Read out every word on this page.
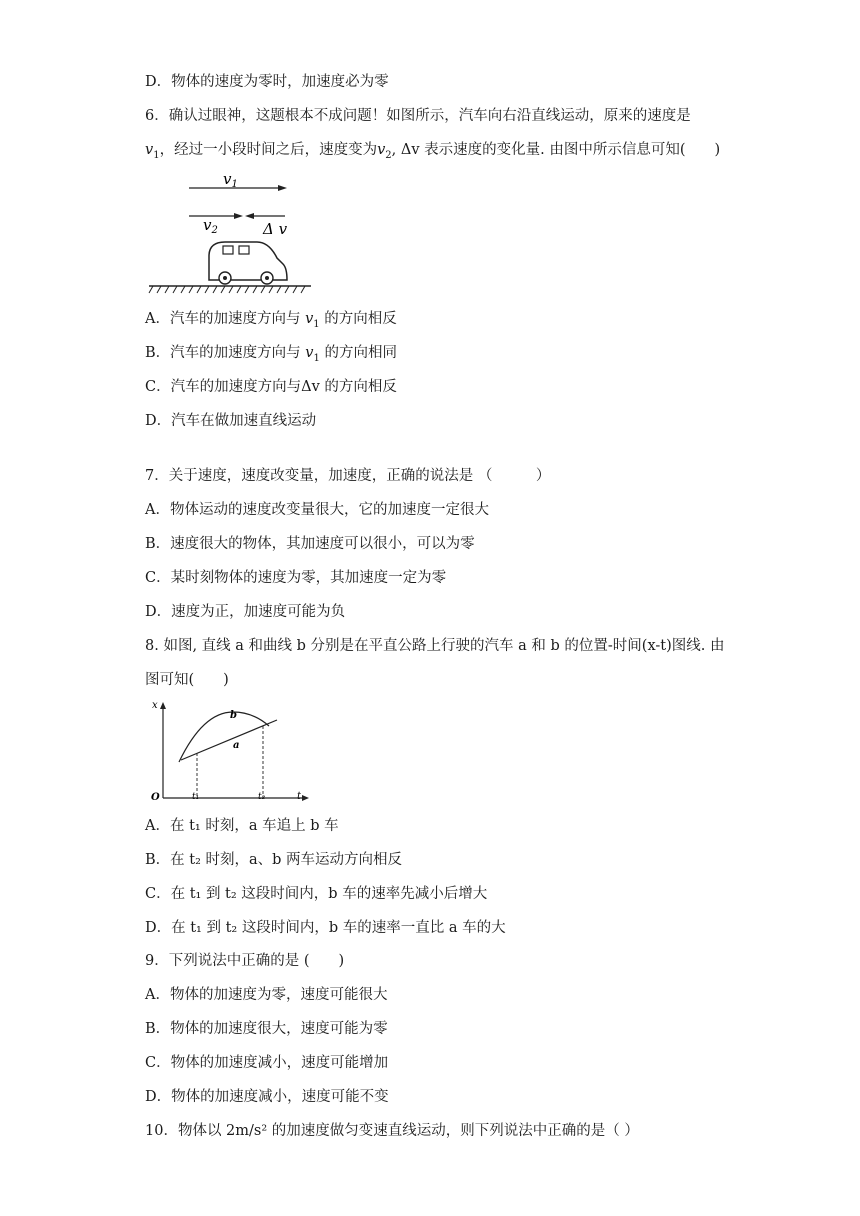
D．物体的速度为零时，加速度必为零
6．确认过眼神，这题根本不成问题！如图所示，汽车向右沿直线运动，原来的速度是
$v_1$，经过一小段时间之后，速度变为$v_2$, Δv 表示速度的变化量. 由图中所示信息可知(　　)
$v_1$
$v_2$	Δ v
A．汽车的加速度方向与 $v_1$ 的方向相反
B．汽车的加速度方向与 $v_1$ 的方向相同
C．汽车的加速度方向与Δv 的方向相反
D．汽车在做加速直线运动
7．关于速度，速度改变量，加速度，正确的说法是 （　　　）
A．物体运动的速度改变量很大，它的加速度一定很大
B．速度很大的物体，其加速度可以很小，可以为零
C．某时刻物体的速度为零，其加速度一定为零
D．速度为正，加速度可能为负
8. 如图, 直线 a 和曲线 b 分别是在平直公路上行驶的汽车 a 和 b 的位置-时间(x-t)图线. 由
图可知(　　)
x
t
O
b
a
t₁	t₂
A．在 t₁ 时刻，a 车追上 b 车
B．在 t₂ 时刻，a、b 两车运动方向相反
C．在 t₁ 到 t₂ 这段时间内，b 车的速率先减小后增大
D．在 t₁ 到 t₂ 这段时间内，b 车的速率一直比 a 车的大
9．下列说法中正确的是 (　　)
A．物体的加速度为零，速度可能很大
B．物体的加速度很大，速度可能为零
C．物体的加速度减小，速度可能增加
D．物体的加速度减小，速度可能不变
10．物体以 2m/s² 的加速度做匀变速直线运动，则下列说法中正确的是（ ）
